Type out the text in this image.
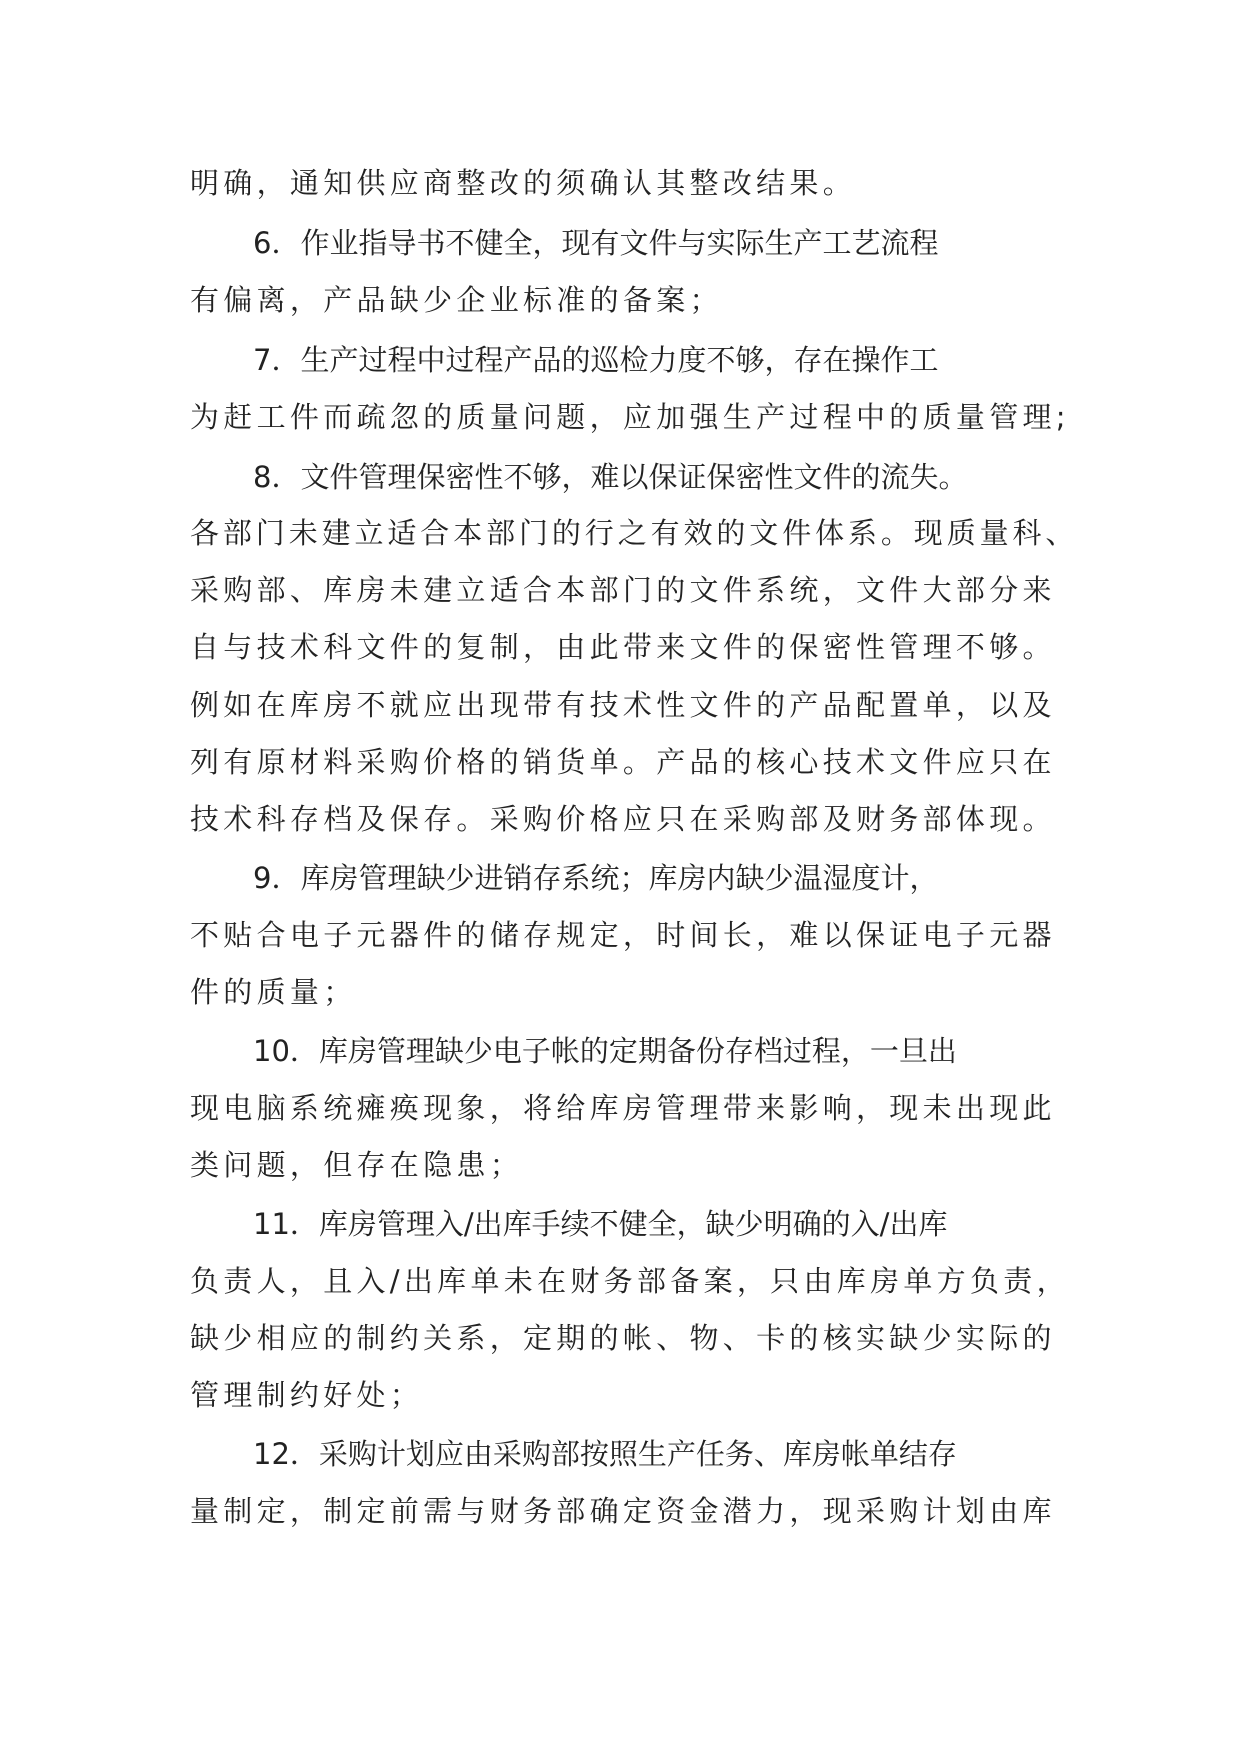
明确，通知供应商整改的须确认其整改结果。
6．作业指导书不健全，现有文件与实际生产工艺流程
有偏离，产品缺少企业标准的备案；
7．生产过程中过程产品的巡检力度不够，存在操作工
为赶工件而疏忽的质量问题，应加强生产过程中的质量管理;
8．文件管理保密性不够，难以保证保密性文件的流失。
各部门未建立适合本部门的行之有效的文件体系。现质量科、
采购部、库房未建立适合本部门的文件系统，文件大部分来
自与技术科文件的复制，由此带来文件的保密性管理不够。
例如在库房不就应出现带有技术性文件的产品配置单，以及
列有原材料采购价格的销货单。产品的核心技术文件应只在
技术科存档及保存。采购价格应只在采购部及财务部体现。
9．库房管理缺少进销存系统；库房内缺少温湿度计，
不贴合电子元器件的储存规定，时间长，难以保证电子元器
件的质量；
10．库房管理缺少电子帐的定期备份存档过程，一旦出
现电脑系统瘫痪现象，将给库房管理带来影响，现未出现此
类问题，但存在隐患；
11．库房管理入/出库手续不健全，缺少明确的入/出库
负责人，且入/出库单未在财务部备案，只由库房单方负责，
缺少相应的制约关系，定期的帐、物、卡的核实缺少实际的
管理制约好处；
12．采购计划应由采购部按照生产任务、库房帐单结存
量制定，制定前需与财务部确定资金潜力，现采购计划由库
